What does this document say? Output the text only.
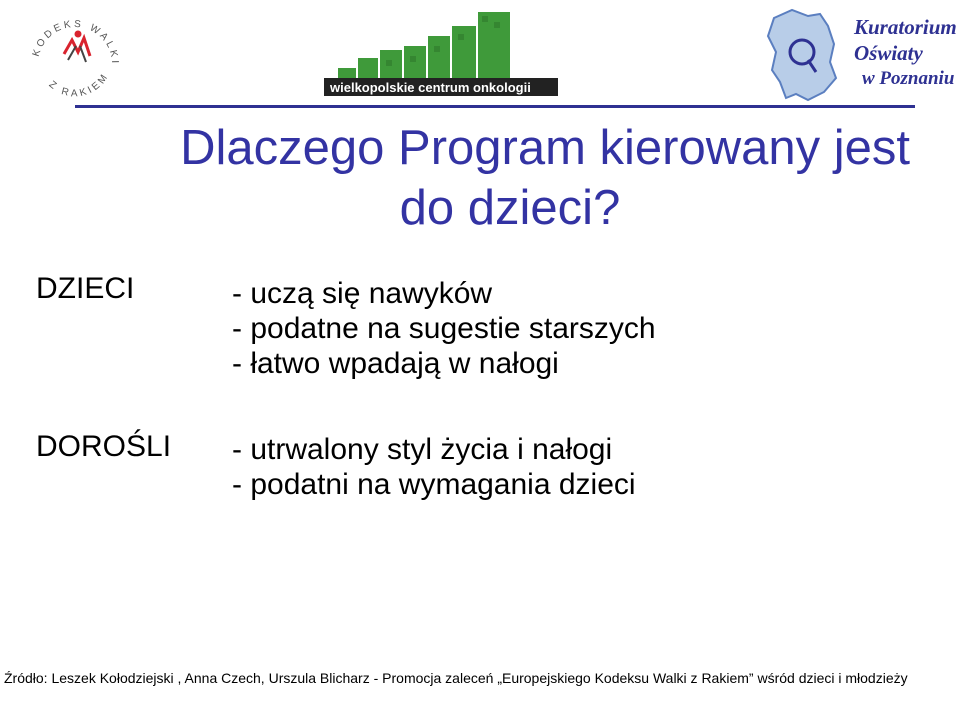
KODEKS WALKI
Z RAKIEM
wielkopolskie centrum onkologii
Kuratorium
Oświaty
w Poznaniu
Dlaczego Program kierowany jest
do dzieci?
DZIECI	- uczą się nawyków
- podatne na sugestie starszych
- łatwo wpadają w nałogi
DOROŚLI - utrwalony styl życia i nałogi
- podatni na wymagania dzieci
Źródło: Leszek Kołodziejski , Anna Czech, Urszula Blicharz - Promocja zaleceń „Europejskiego Kodeksu Walki z Rakiem” wśród dzieci i młodzieży
